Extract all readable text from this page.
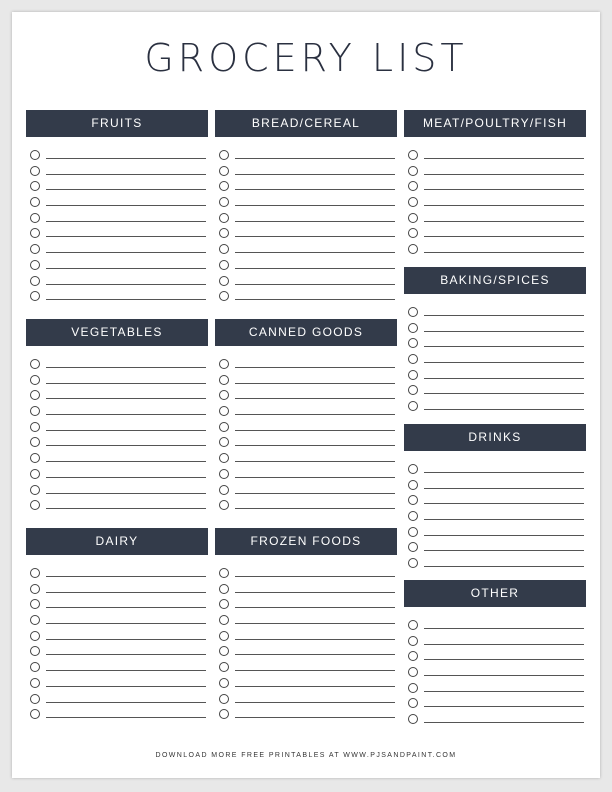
GROCERY LIST
FRUITS	BREAD/CEREAL	MEAT/POULTRY/FISH
VEGETABLES	CANNED GOODS
BAKING/SPICES
DAIRY	FROZEN FOODS
DRINKS
OTHER
DOWNLOAD MORE FREE PRINTABLES AT WWW.PJSANDPAINT.COM
